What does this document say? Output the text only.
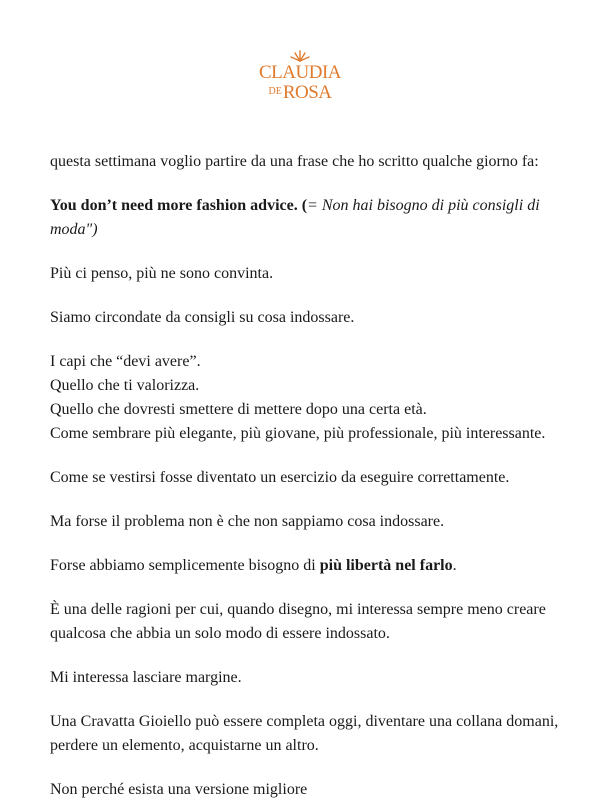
CLAUDIA
$^{DE}$ROSA

questa settimana voglio partire da una frase che ho scritto qualche giorno fa:

You don’t need more fashion advice. (= Non hai bisogno di più consigli di moda")

Più ci penso, più ne sono convinta.

Siamo circondate da consigli su cosa indossare.

I capi che “devi avere”.
Quello che ti valorizza.
Quello che dovresti smettere di mettere dopo una certa età.
Come sembrare più elegante, più giovane, più professionale, più interessante.

Come se vestirsi fosse diventato un esercizio da eseguire correttamente.

Ma forse il problema non è che non sappiamo cosa indossare.

Forse abbiamo semplicemente bisogno di più libertà nel farlo.

È una delle ragioni per cui, quando disegno, mi interessa sempre meno creare qualcosa che abbia un solo modo di essere indossato.

Mi interessa lasciare margine.

Una Cravatta Gioiello può essere completa oggi, diventare una collana domani, perdere un elemento, acquistarne un altro.

Non perché esista una versione migliore
